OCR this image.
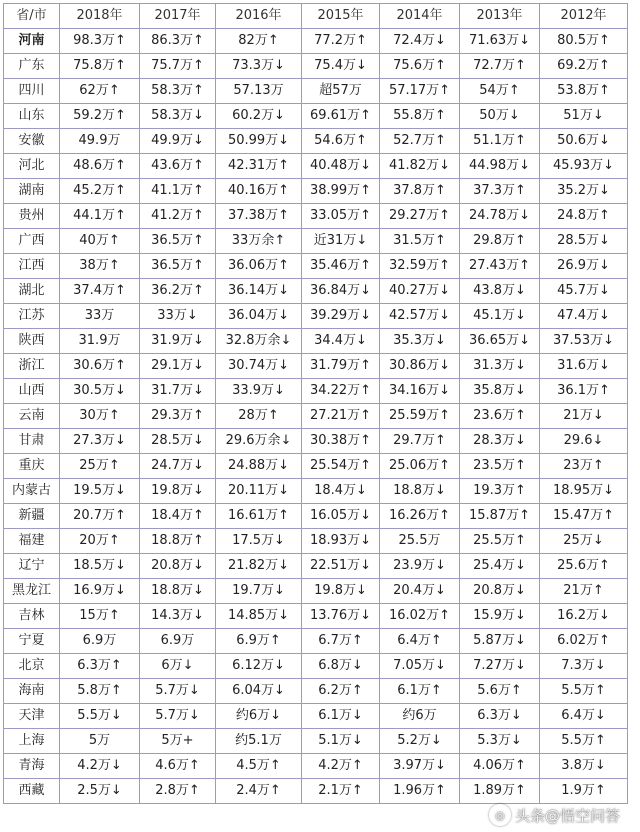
省/市	2018年	2017年	2016年	2015年	2014年	2013年	2012年
河南	98.3万↑	86.3万↑	82万↑	77.2万↑	72.4万↓	71.63万↓	80.5万↑
广东	75.8万↑	75.7万↑	73.3万↓	75.4万↓	75.6万↑	72.7万↑	69.2万↑
四川	62万↑	58.3万↑	57.13万	超57万	57.17万↑	54万↑	53.8万↑
山东	59.2万↑	58.3万↓	60.2万↓	69.61万↑	55.8万↑	50万↓	51万↓
安徽	49.9万	49.9万↓	50.99万↓	54.6万↑	52.7万↑	51.1万↑	50.6万↓
河北	48.6万↑	43.6万↑	42.31万↑	40.48万↓	41.82万↓	44.98万↓	45.93万↓
湖南	45.2万↑	41.1万↑	40.16万↑	38.99万↑	37.8万↑	37.3万↑	35.2万↓
贵州	44.1万↑	41.2万↑	37.38万↑	33.05万↑	29.27万↑	24.78万↓	24.8万↑
广西	40万↑	36.5万↑	33万余↑	近31万↓	31.5万↑	29.8万↑	28.5万↓
江西	38万↑	36.5万↑	36.06万↑	35.46万↑	32.59万↑	27.43万↑	26.9万↓
湖北	37.4万↑	36.2万↑	36.14万↓	36.84万↓	40.27万↓	43.8万↓	45.7万↓
江苏	33万	33万↓	36.04万↓	39.29万↓	42.57万↓	45.1万↓	47.4万↓
陕西	31.9万	31.9万↓	32.8万余↓	34.4万↓	35.3万↓	36.65万↓	37.53万↓
浙江	30.6万↑	29.1万↓	30.74万↓	31.79万↑	30.86万↓	31.3万↓	31.6万↓
山西	30.5万↓	31.7万↓	33.9万↓	34.22万↑	34.16万↓	35.8万↓	36.1万↑
云南	30万↑	29.3万↑	28万↑	27.21万↑	25.59万↑	23.6万↑	21万↓
甘肃	27.3万↓	28.5万↓	29.6万余↓	30.38万↑	29.7万↑	28.3万↓	29.6↓
重庆	25万↑	24.7万↓	24.88万↓	25.54万↑	25.06万↑	23.5万↑	23万↑
内蒙古	19.5万↓	19.8万↓	20.11万↓	18.4万↓	18.8万↓	19.3万↑	18.95万↓
新疆	20.7万↑	18.4万↑	16.61万↑	16.05万↓	16.26万↑	15.87万↑	15.47万↑
福建	20万↑	18.8万↑	17.5万↓	18.93万↓	25.5万	25.5万↑	25万↓
辽宁	18.5万↓	20.8万↓	21.82万↓	22.51万↓	23.9万↓	25.4万↓	25.6万↑
黑龙江	16.9万↓	18.8万↓	19.7万↓	19.8万↓	20.4万↓	20.8万↓	21万↑
吉林	15万↑	14.3万↓	14.85万↓	13.76万↓	16.02万↑	15.9万↓	16.2万↓
宁夏	6.9万	6.9万	6.9万↑	6.7万↑	6.4万↑	5.87万↓	6.02万↑
北京	6.3万↑	6万↓	6.12万↓	6.8万↓	7.05万↓	7.27万↓	7.3万↓
海南	5.8万↑	5.7万↓	6.04万↓	6.2万↑	6.1万↑	5.6万↑	5.5万↑
天津	5.5万↓	5.7万↓	约6万↓	6.1万↓	约6万	6.3万↓	6.4万↓
上海	5万	5万+	约5.1万	5.1万↓	5.2万↓	5.3万↓	5.5万↑
青海	4.2万↓	4.6万↑	4.5万↑	4.2万↑	3.97万↓	4.06万↑	3.8万↓
西藏	2.5万↓	2.8万↑	2.4万↑	2.1万↑	1.96万↑	1.89万↑	1.9万↑
◎ 头条@悟空问答
